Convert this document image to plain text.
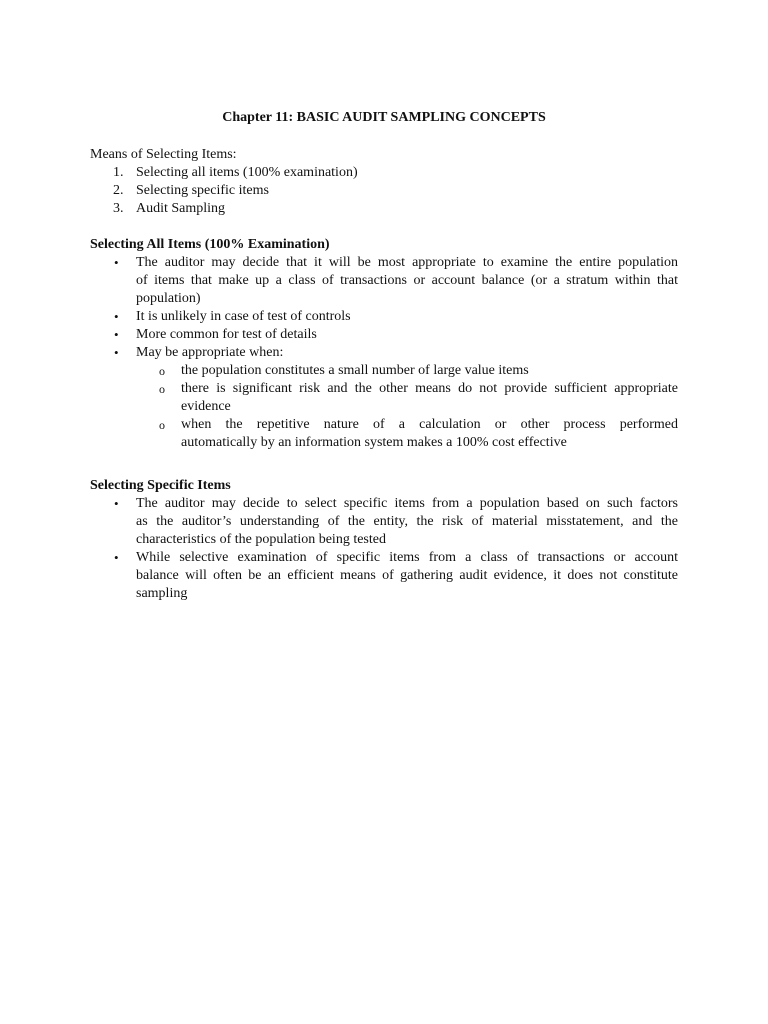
Chapter 11: BASIC AUDIT SAMPLING CONCEPTS
Means of Selecting Items:
1. Selecting all items (100% examination)
2. Selecting specific items
3. Audit Sampling
Selecting All Items (100% Examination)
• The auditor may decide that it will be most appropriate to examine the entire population
of items that make up a class of transactions or account balance (or a stratum within that
population)
• It is unlikely in case of test of controls
• More common for test of details
• May be appropriate when:
o the population constitutes a small number of large value items
o there is significant risk and the other means do not provide sufficient appropriate
evidence
o when the repetitive nature of a calculation or other process performed
automatically by an information system makes a 100% cost effective
Selecting Specific Items
• The auditor may decide to select specific items from a population based on such factors
as the auditor’s understanding of the entity, the risk of material misstatement, and the
characteristics of the population being tested
• While selective examination of specific items from a class of transactions or account
balance will often be an efficient means of gathering audit evidence, it does not constitute
sampling
